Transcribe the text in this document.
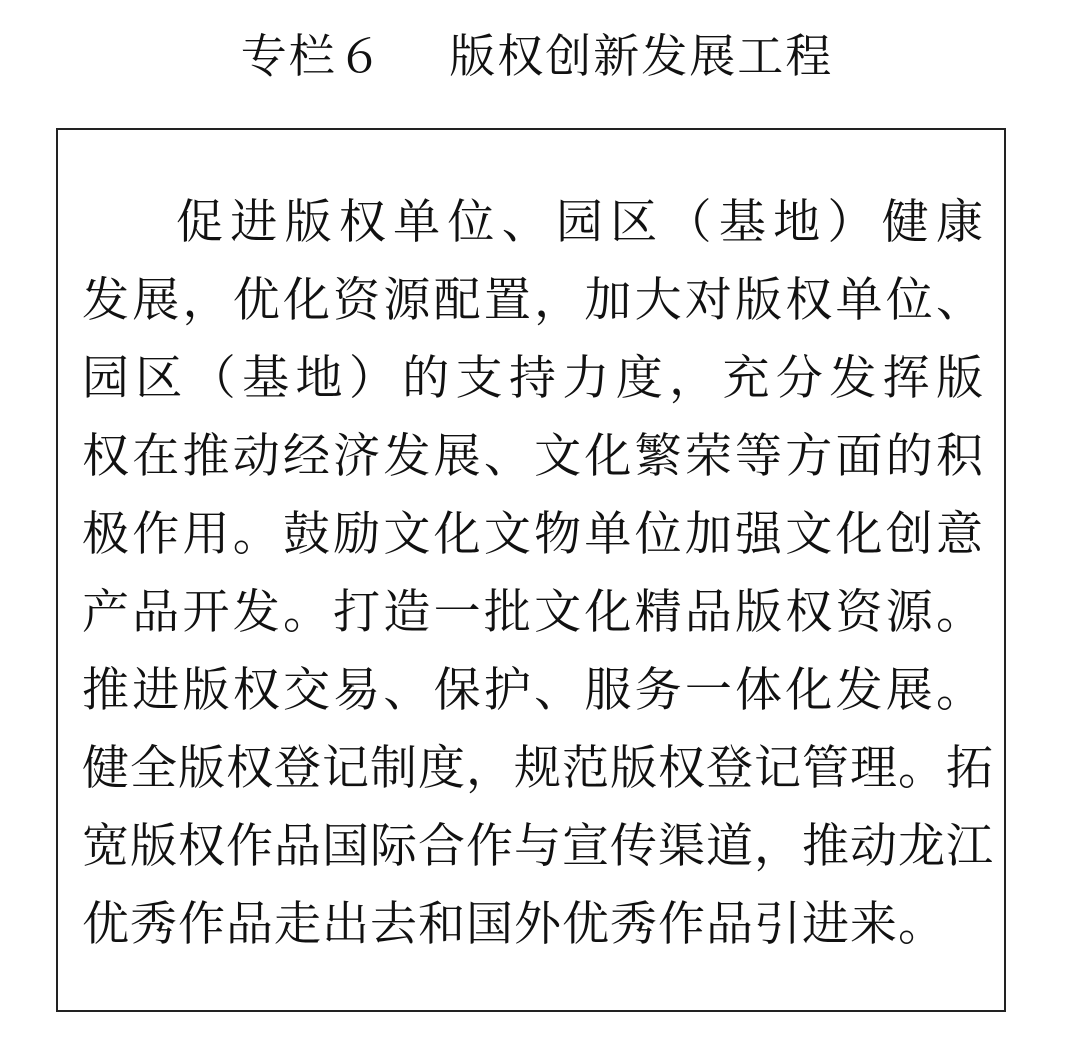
专栏６　 版权创新发展工程
促进版权单位、园区（基地）健康
发展，优化资源配置，加大对版权单位、
园区（基地）的支持力度，充分发挥版
权在推动经济发展、文化繁荣等方面的积
极作用。鼓励文化文物单位加强文化创意
产品开发。打造一批文化精品版权资源。
推进版权交易、保护、服务一体化发展。
健全版权登记制度，规范版权登记管理。拓
宽版权作品国际合作与宣传渠道，推动龙江
优秀作品走出去和国外优秀作品引进来。
